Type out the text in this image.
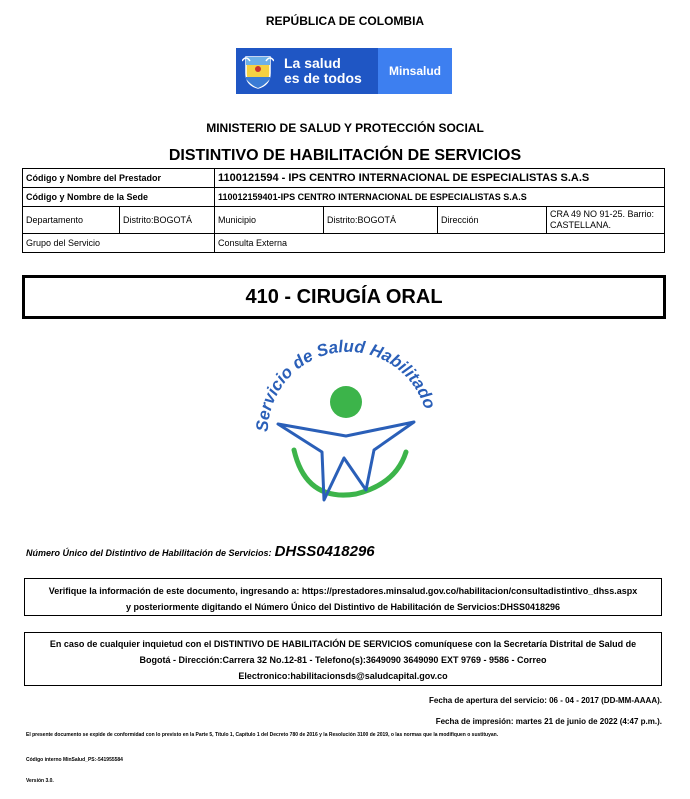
REPÚBLICA DE COLOMBIA
La salud
es de todos	Minsalud
MINISTERIO DE SALUD Y PROTECCIÓN SOCIAL
DISTINTIVO DE HABILITACIÓN DE SERVICIOS
Código y Nombre del Prestador		1100121594 - IPS CENTRO INTERNACIONAL DE ESPECIALISTAS S.A.S			
Código y Nombre de la Sede		110012159401-IPS CENTRO INTERNACIONAL DE ESPECIALISTAS S.A.S			
Departamento	Distrito:BOGOTÁ	Municipio	Distrito:BOGOTÁ	Dirección	CRA 49 NO 91-25. Barrio: CASTELLANA.
Grupo del Servicio		Consulta Externa			
410 - CIRUGÍA ORAL
Servicio de Salud Habilitado
Número Único del Distintivo de Habilitación de Servicios: DHSS0418296
Verifique la información de este documento, ingresando a: https://prestadores.minsalud.gov.co/habilitacion/consultadistintivo_dhss.aspx
y posteriormente digitando el Número Único del Distintivo de Habilitación de Servicios:DHSS0418296
En caso de cualquier inquietud con el DISTINTIVO DE HABILITACIÓN DE SERVICIOS comuníquese con la Secretaría Distrital de Salud de
Bogotá - Dirección:Carrera 32 No.12-81 - Telefono(s):3649090 3649090 EXT 9769 - 9586 - Correo
Electronico:habilitacionsds@saludcapital.gov.co
Fecha de apertura del servicio: 06 - 04 - 2017 (DD-MM-AAAA).
Fecha de impresión: martes 21 de junio de 2022 (4:47 p.m.).
El presente documento se expide de conformidad con lo previsto en la Parte 5, Título 1, Capítulo 1 del Decreto 780 de 2016 y la Resolución 3100 de 2019, o las normas que la modifiquen o sustituyan.
Código interno MinSalud_PS:-541955584
Versión 3.0.
